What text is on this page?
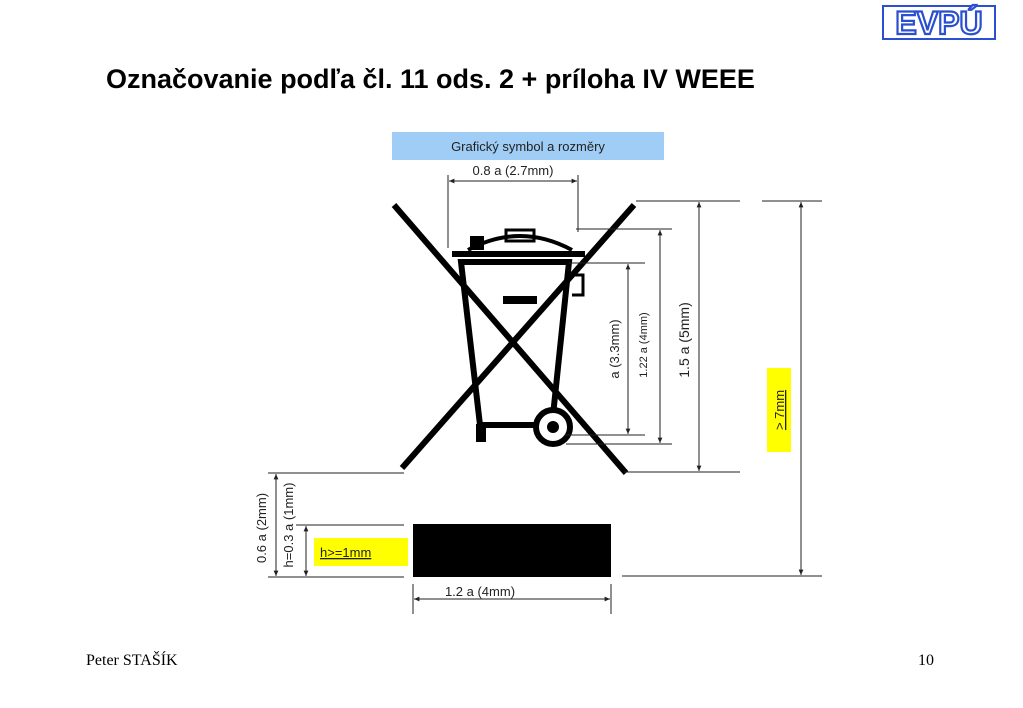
EVPÚ
Označovanie podľa čl. 11 ods. 2 + príloha IV WEEE
Grafický symbol a rozměry
0.8 a (2.7mm)
a (3.3mm) 1.22 a (4mm) 1.5 a (5mm)
> 7mm
0.6 a (2mm) h=0.3 a (1mm) h>=1mm
1.2 a (4mm)
Peter STAŠÍK	10
